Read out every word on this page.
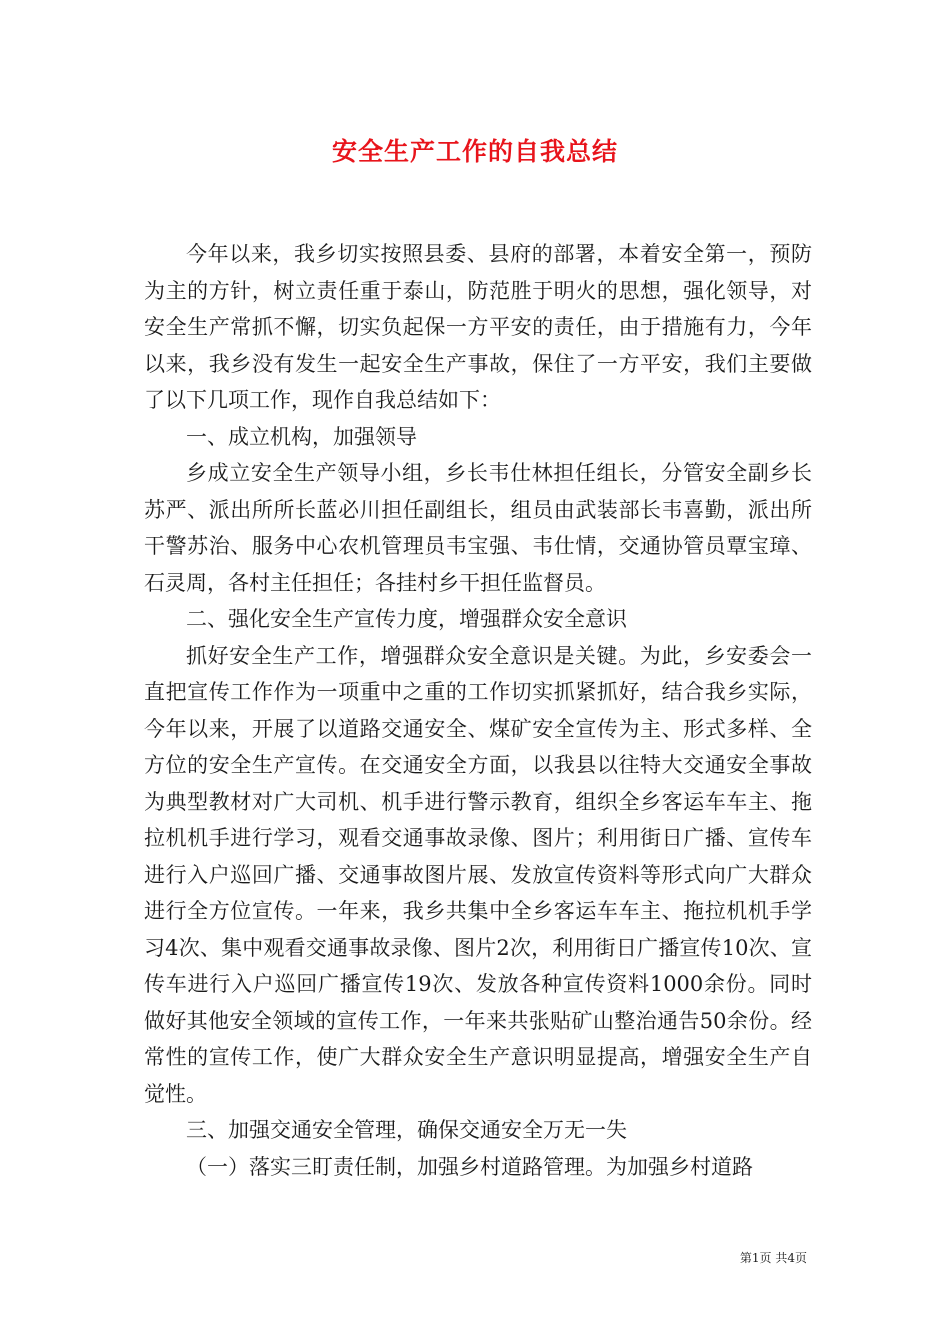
安全生产工作的自我总结

今年以来，我乡切实按照县委、县府的部署，本着安全第一，预防为主的方针，树立责任重于泰山，防范胜于明火的思想，强化领导，对安全生产常抓不懈，切实负起保一方平安的责任，由于措施有力，今年以来，我乡没有发生一起安全生产事故，保住了一方平安，我们主要做了以下几项工作，现作自我总结如下：

一、成立机构，加强领导

乡成立安全生产领导小组，乡长韦仕林担任组长，分管安全副乡长苏严、派出所所长蓝必川担任副组长，组员由武装部长韦喜勤，派出所干警苏治、服务中心农机管理员韦宝强、韦仕情，交通协管员覃宝璋、石灵周，各村主任担任；各挂村乡干担任监督员。

二、强化安全生产宣传力度，增强群众安全意识

抓好安全生产工作，增强群众安全意识是关键。为此，乡安委会一直把宣传工作作为一项重中之重的工作切实抓紧抓好，结合我乡实际，今年以来，开展了以道路交通安全、煤矿安全宣传为主、形式多样、全方位的安全生产宣传。在交通安全方面，以我县以往特大交通安全事故为典型教材对广大司机、机手进行警示教育，组织全乡客运车车主、拖拉机机手进行学习，观看交通事故录像、图片；利用街日广播、宣传车进行入户巡回广播、交通事故图片展、发放宣传资料等形式向广大群众进行全方位宣传。一年来，我乡共集中全乡客运车车主、拖拉机机手学习4次、集中观看交通事故录像、图片2次，利用街日广播宣传10次、宣传车进行入户巡回广播宣传19次、发放各种宣传资料1000余份。同时做好其他安全领域的宣传工作，一年来共张贴矿山整治通告50余份。经常性的宣传工作，使广大群众安全生产意识明显提高，增强安全生产自觉性。

三、加强交通安全管理，确保交通安全万无一失

（一）落实三盯责任制，加强乡村道路管理。为加强乡村道路

第1页 共4页
